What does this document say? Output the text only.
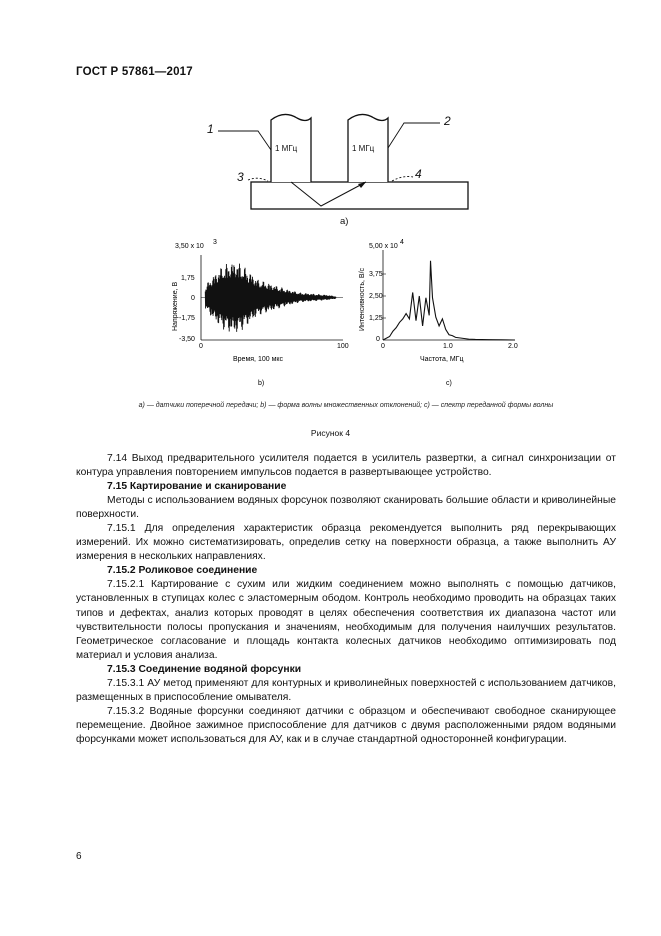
ГОСТ Р 57861—2017
1
2
3	4
1 МГц	1 МГц
a)
3,50 x 10
3
1,75
0
-1,75
-3,50
0	100
Время, 100 мкс
Напряжение, В
b)
5,00 x 10
4
3,75
2,50
1,25
0
0	1.0	2.0
Частота, МГц
Интенсивность, В/с
c)
a) — датчики поперечной передачи; b) — форма волны множественных отклонений; c) — спектр переданной формы волны
Рисунок 4

7.14 Выход предварительного усилителя подается в усилитель развертки, а сигнал синхронизации от контура управления повторением импульсов подается в развертывающее устройство.

7.15 Картирование и сканирование

Методы с использованием водяных форсунок позволяют сканировать большие области и криволинейные поверхности.

7.15.1 Для определения характеристик образца рекомендуется выполнить ряд перекрывающих измерений. Их можно систематизировать, определив сетку на поверхности образца, а также выполнить АУ измерения в нескольких направлениях.

7.15.2 Роликовое соединение

7.15.2.1 Картирование с сухим или жидким соединением можно выполнять с помощью датчиков, установленных в ступицах колес с эластомерным ободом. Контроль необходимо проводить на образцах таких типов и дефектах, анализ которых проводят в целях обеспечения соответствия их диапазона частот или чувствительности полосы пропускания и значениям, необходимым для получения наилучших результатов. Геометрическое согласование и площадь контакта колесных датчиков необходимо оптимизировать под материал и условия анализа.

7.15.3 Соединение водяной форсунки

7.15.3.1 АУ метод применяют для контурных и криволинейных поверхностей с использованием датчиков, размещенных в приспособление омывателя.

7.15.3.2 Водяные форсунки соединяют датчики с образцом и обеспечивают свободное сканирующее перемещение. Двойное зажимное приспособление для датчиков с двумя расположенными рядом водяными форсунками может использоваться для АУ, как и в случае стандартной односторонней конфигурации.

6
